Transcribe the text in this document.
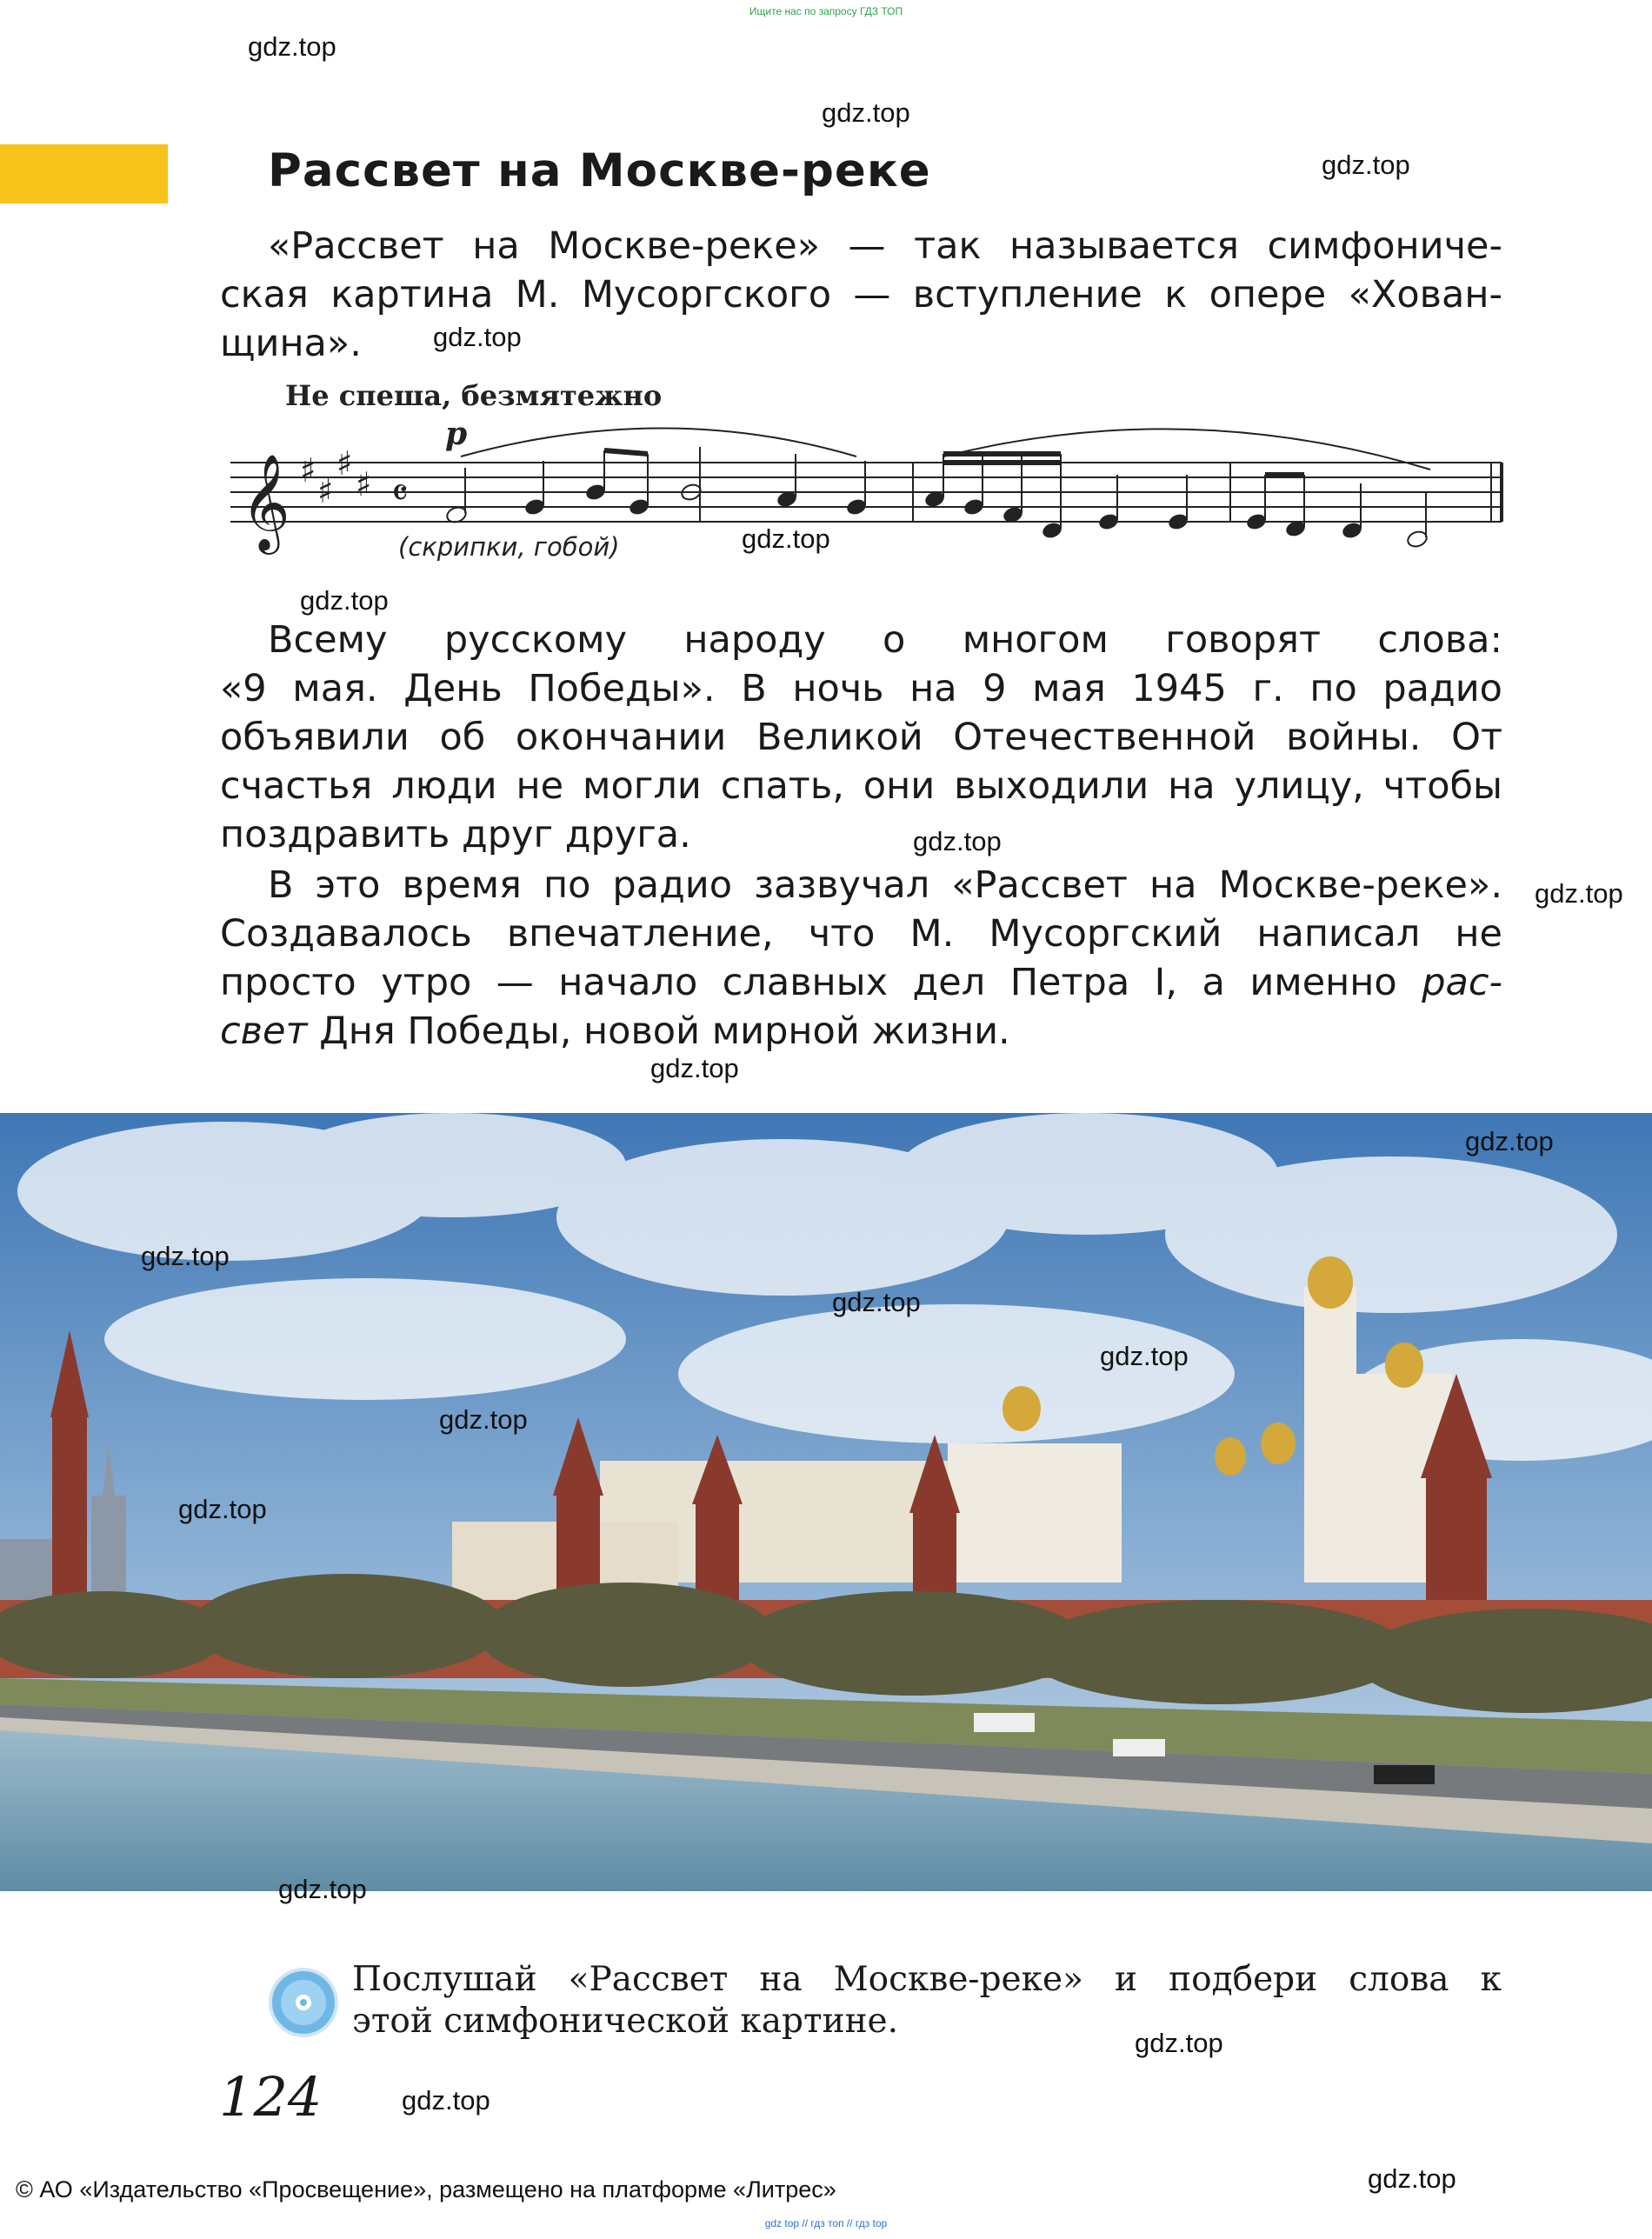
Ищите нас по запросу ГДЗ ТОП
Рассвет на Москве-реке
«Рассвет на Москве-реке» — так называется симфониче-
ская картина М. Мусоргского — вступление к опере «Хован-
щина».
Не спеша, безмятежно
p
𝄞 ♯
♯
♯
♯ 𝄴
(скрипки, гобой)
Всему русскому народу о многом говорят слова:
«9 мая. День Победы». В ночь на 9 мая 1945 г. по радио
объявили об окончании Великой Отечественной войны. От
счастья люди не могли спать, они выходили на улицу, чтобы
поздравить друг друга.
В это время по радио зазвучал «Рассвет на Москве-реке».
Создавалось впечатление, что М. Мусоргский написал не
просто утро — начало славных дел Петра I, а именно рас-
свет Дня Победы, новой мирной жизни.
Послушай «Рассвет на Москве-реке» и подбери слова к
этой симфонической картине.
124
© АО «Издательство «Просвещение», размещено на платформе «Литрес»
gdz top // гдз топ // гдз top
gdz.top
gdz.top
gdz.top
gdz.top
gdz.top
gdz.top
gdz.top
gdz.top
gdz.top
gdz.top
gdz.top
gdz.top
gdz.top
gdz.top
gdz.top
gdz.top
gdz.top
gdz.top
gdz.top
